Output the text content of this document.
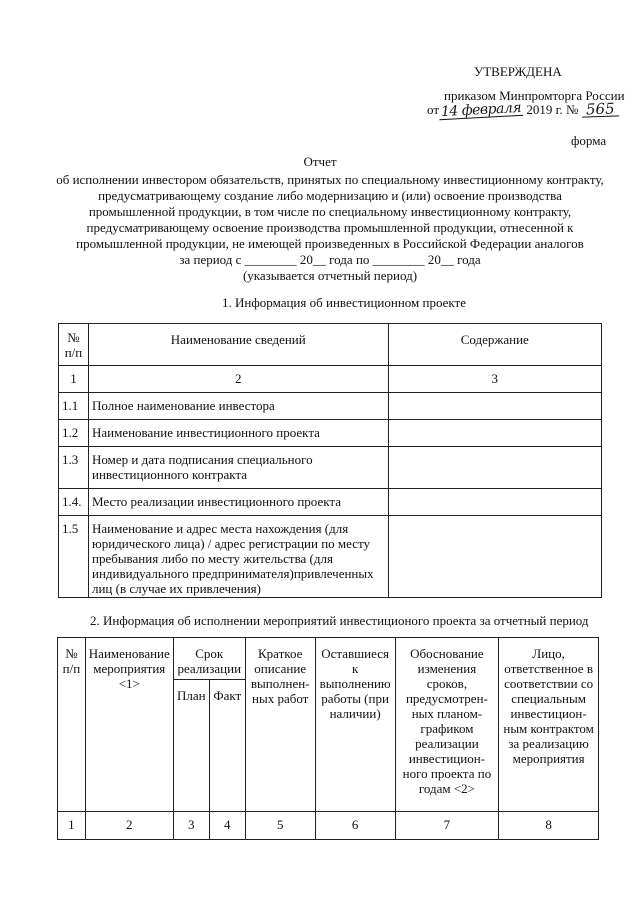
УТВЕРЖДЕНА
приказом Минпромторга России
от 14 февраля 2019 г. № 565
форма
Отчет
об исполнении инвестором обязательств, принятых по специальному инвестиционному контракту,
предусматривающему создание либо модернизацию и (или) освоение производства
промышленной продукции, в том числе по специальному инвестиционному контракту,
предусматривающему освоение производства промышленной продукции, отнесенной к
промышленной продукции, не имеющей произведенных в Российской Федерации аналогов
за период с ________ 20__ года по ________ 20__ года
(указывается отчетный период)
1. Информация об инвестиционном проекте
№ п/п	Наименование сведений	Содержание
1	2	3
1.1	Полное наименование инвестора	
1.2	Наименование инвестиционного проекта	
1.3	Номер и дата подписания специального инвестиционного контракта	
1.4.	Место реализации инвестиционного проекта	
1.5	Наименование и адрес места нахождения (для юридического лица) / адрес регистрации по месту пребывания либо по месту жительства (для индивидуального предпринимателя)привлеченных лиц (в случае их привлечения)	
2. Информация об исполнении мероприятий инвестиционого проекта за отчетный период
№ п/п	Наименование мероприятия <1>	Срок реализации		Краткое описание выполнен-ных работ	Оставшиеся к выполнению работы (при наличии)	Обоснование изменения сроков, предусмотрен-ных планом-графиком реализации инвестицион-ного проекта по годам <2>	Лицо, ответственное в соответствии со специальным инвестицион-ным контрактом за реализацию мероприятия
		План	Факт				
1	2	3	4	5	6	7	8
